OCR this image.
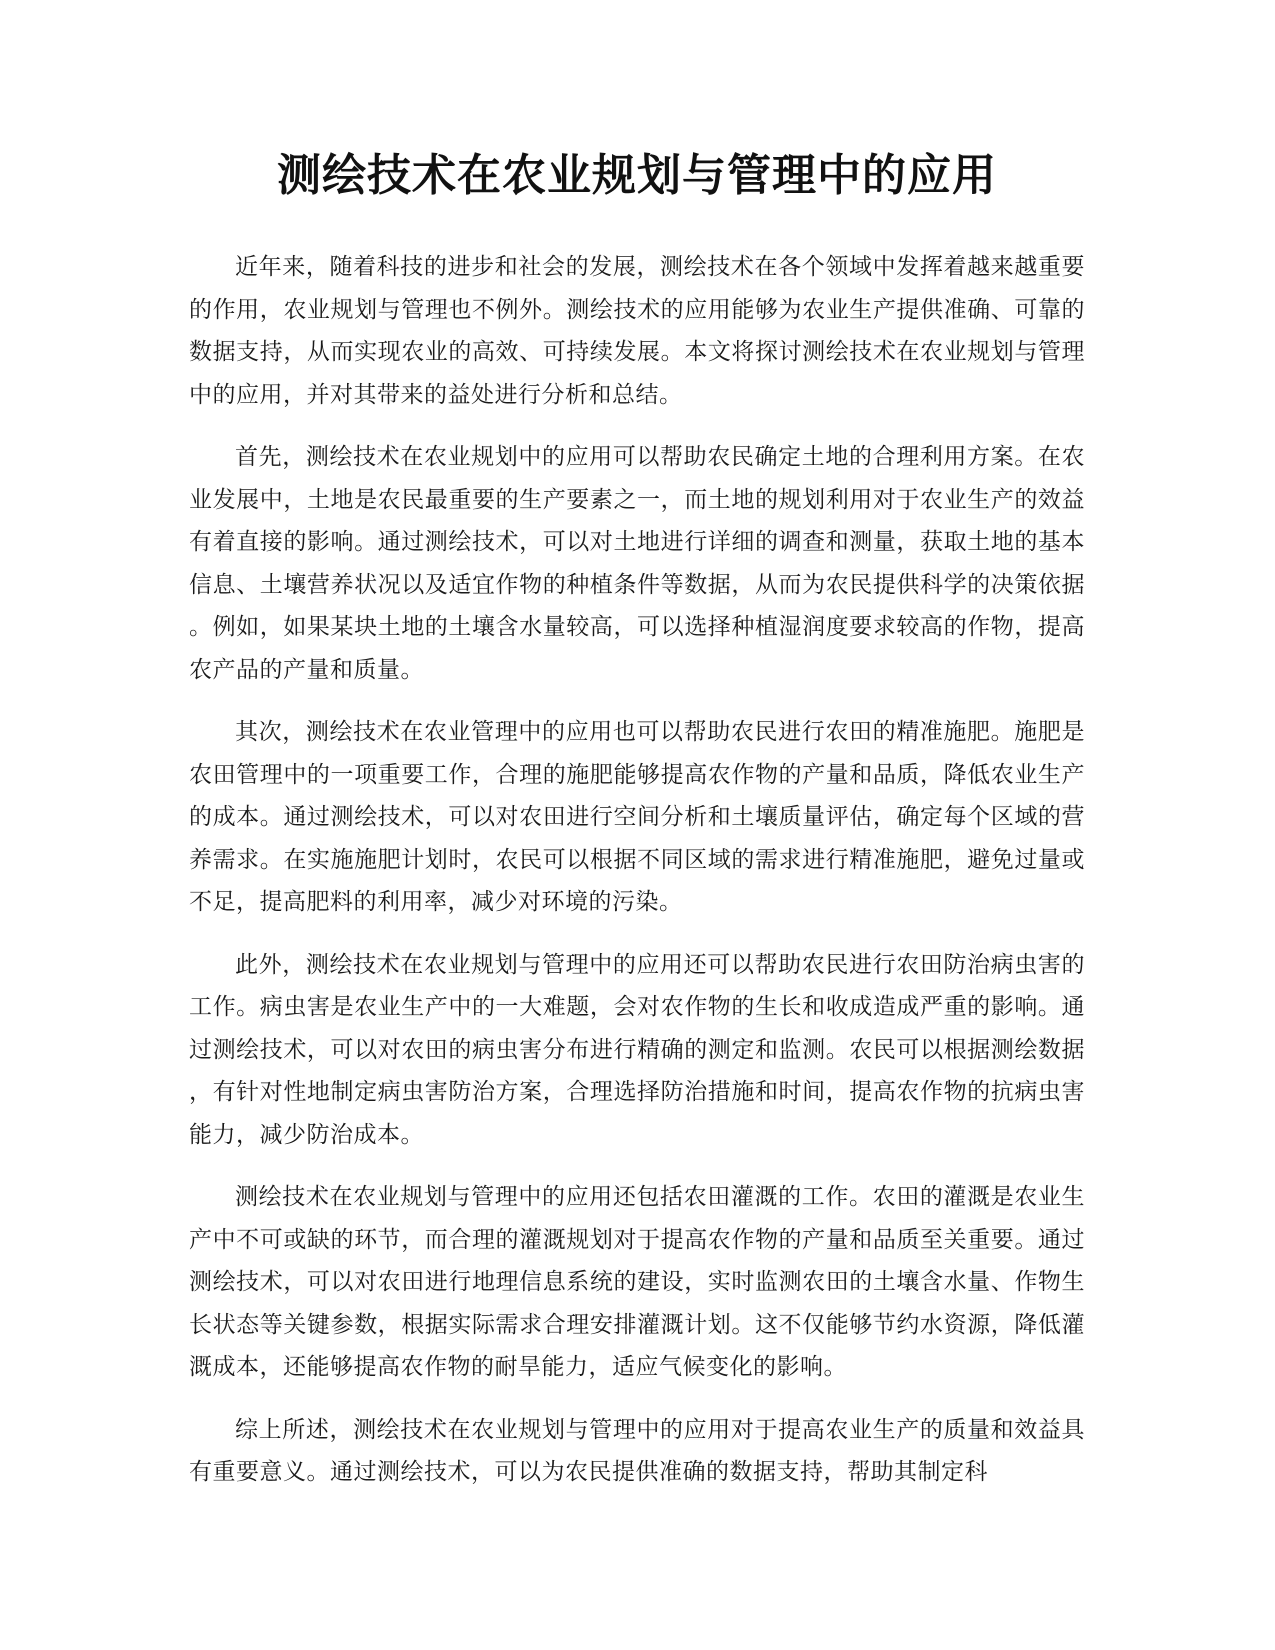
测绘技术在农业规划与管理中的应用

近年来，随着科技的进步和社会的发展，测绘技术在各个领域中发挥着越来越重要的作用，农业规划与管理也不例外。测绘技术的应用能够为农业生产提供准确、可靠的数据支持，从而实现农业的高效、可持续发展。本文将探讨测绘技术在农业规划与管理中的应用，并对其带来的益处进行分析和总结。

首先，测绘技术在农业规划中的应用可以帮助农民确定土地的合理利用方案。在农业发展中，土地是农民最重要的生产要素之一，而土地的规划利用对于农业生产的效益有着直接的影响。通过测绘技术，可以对土地进行详细的调查和测量，获取土地的基本信息、土壤营养状况以及适宜作物的种植条件等数据，从而为农民提供科学的决策依据。例如，如果某块土地的土壤含水量较高，可以选择种植湿润度要求较高的作物，提高农产品的产量和质量。

其次，测绘技术在农业管理中的应用也可以帮助农民进行农田的精准施肥。施肥是农田管理中的一项重要工作，合理的施肥能够提高农作物的产量和品质，降低农业生产的成本。通过测绘技术，可以对农田进行空间分析和土壤质量评估，确定每个区域的营养需求。在实施施肥计划时，农民可以根据不同区域的需求进行精准施肥，避免过量或不足，提高肥料的利用率，减少对环境的污染。

此外，测绘技术在农业规划与管理中的应用还可以帮助农民进行农田防治病虫害的工作。病虫害是农业生产中的一大难题，会对农作物的生长和收成造成严重的影响。通过测绘技术，可以对农田的病虫害分布进行精确的测定和监测。农民可以根据测绘数据，有针对性地制定病虫害防治方案，合理选择防治措施和时间，提高农作物的抗病虫害能力，减少防治成本。

测绘技术在农业规划与管理中的应用还包括农田灌溉的工作。农田的灌溉是农业生产中不可或缺的环节，而合理的灌溉规划对于提高农作物的产量和品质至关重要。通过测绘技术，可以对农田进行地理信息系统的建设，实时监测农田的土壤含水量、作物生长状态等关键参数，根据实际需求合理安排灌溉计划。这不仅能够节约水资源，降低灌溉成本，还能够提高农作物的耐旱能力，适应气候变化的影响。

综上所述，测绘技术在农业规划与管理中的应用对于提高农业生产的质量和效益具有重要意义。通过测绘技术，可以为农民提供准确的数据支持，帮助其制定科
